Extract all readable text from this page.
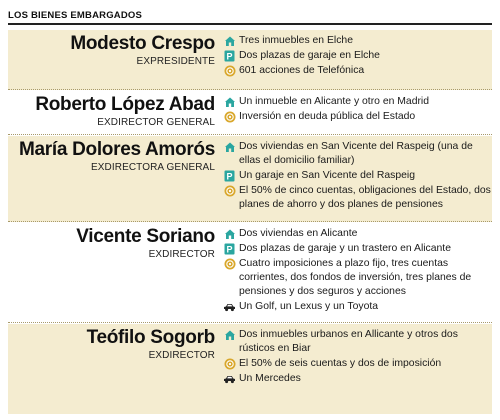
LOS BIENES EMBARGADOS
Modesto Crespo
EXPRESIDENTE
Tres inmuebles en Elche
P Dos plazas de garaje en Elche
601 acciones de Telefónica
Roberto López Abad
EXDIRECTOR GENERAL
Un inmueble en Alicante y otro en Madrid
Inversión en deuda pública del Estado
María Dolores Amorós
EXDIRECTORA GENERAL
Dos viviendas en San Vicente del Raspeig (una de ellas el domicilio familiar)
P Un garaje en San Vicente del Raspeig
El 50% de cinco cuentas, obligaciones del Estado, dos planes de ahorro y dos planes de pensiones
Vicente Soriano
EXDIRECTOR
Dos viviendas en Alicante
P Dos plazas de garaje y un trastero en Alicante
Cuatro imposiciones a plazo fijo, tres cuentas corrientes, dos fondos de inversión, tres planes de pensiones y dos seguros y acciones
Un Golf, un Lexus y un Toyota
Teófilo Sogorb
EXDIRECTOR
Dos inmuebles urbanos en Allicante y otros dos rústicos en Biar
El 50% de seis cuentas y dos de imposición
Un Mercedes
